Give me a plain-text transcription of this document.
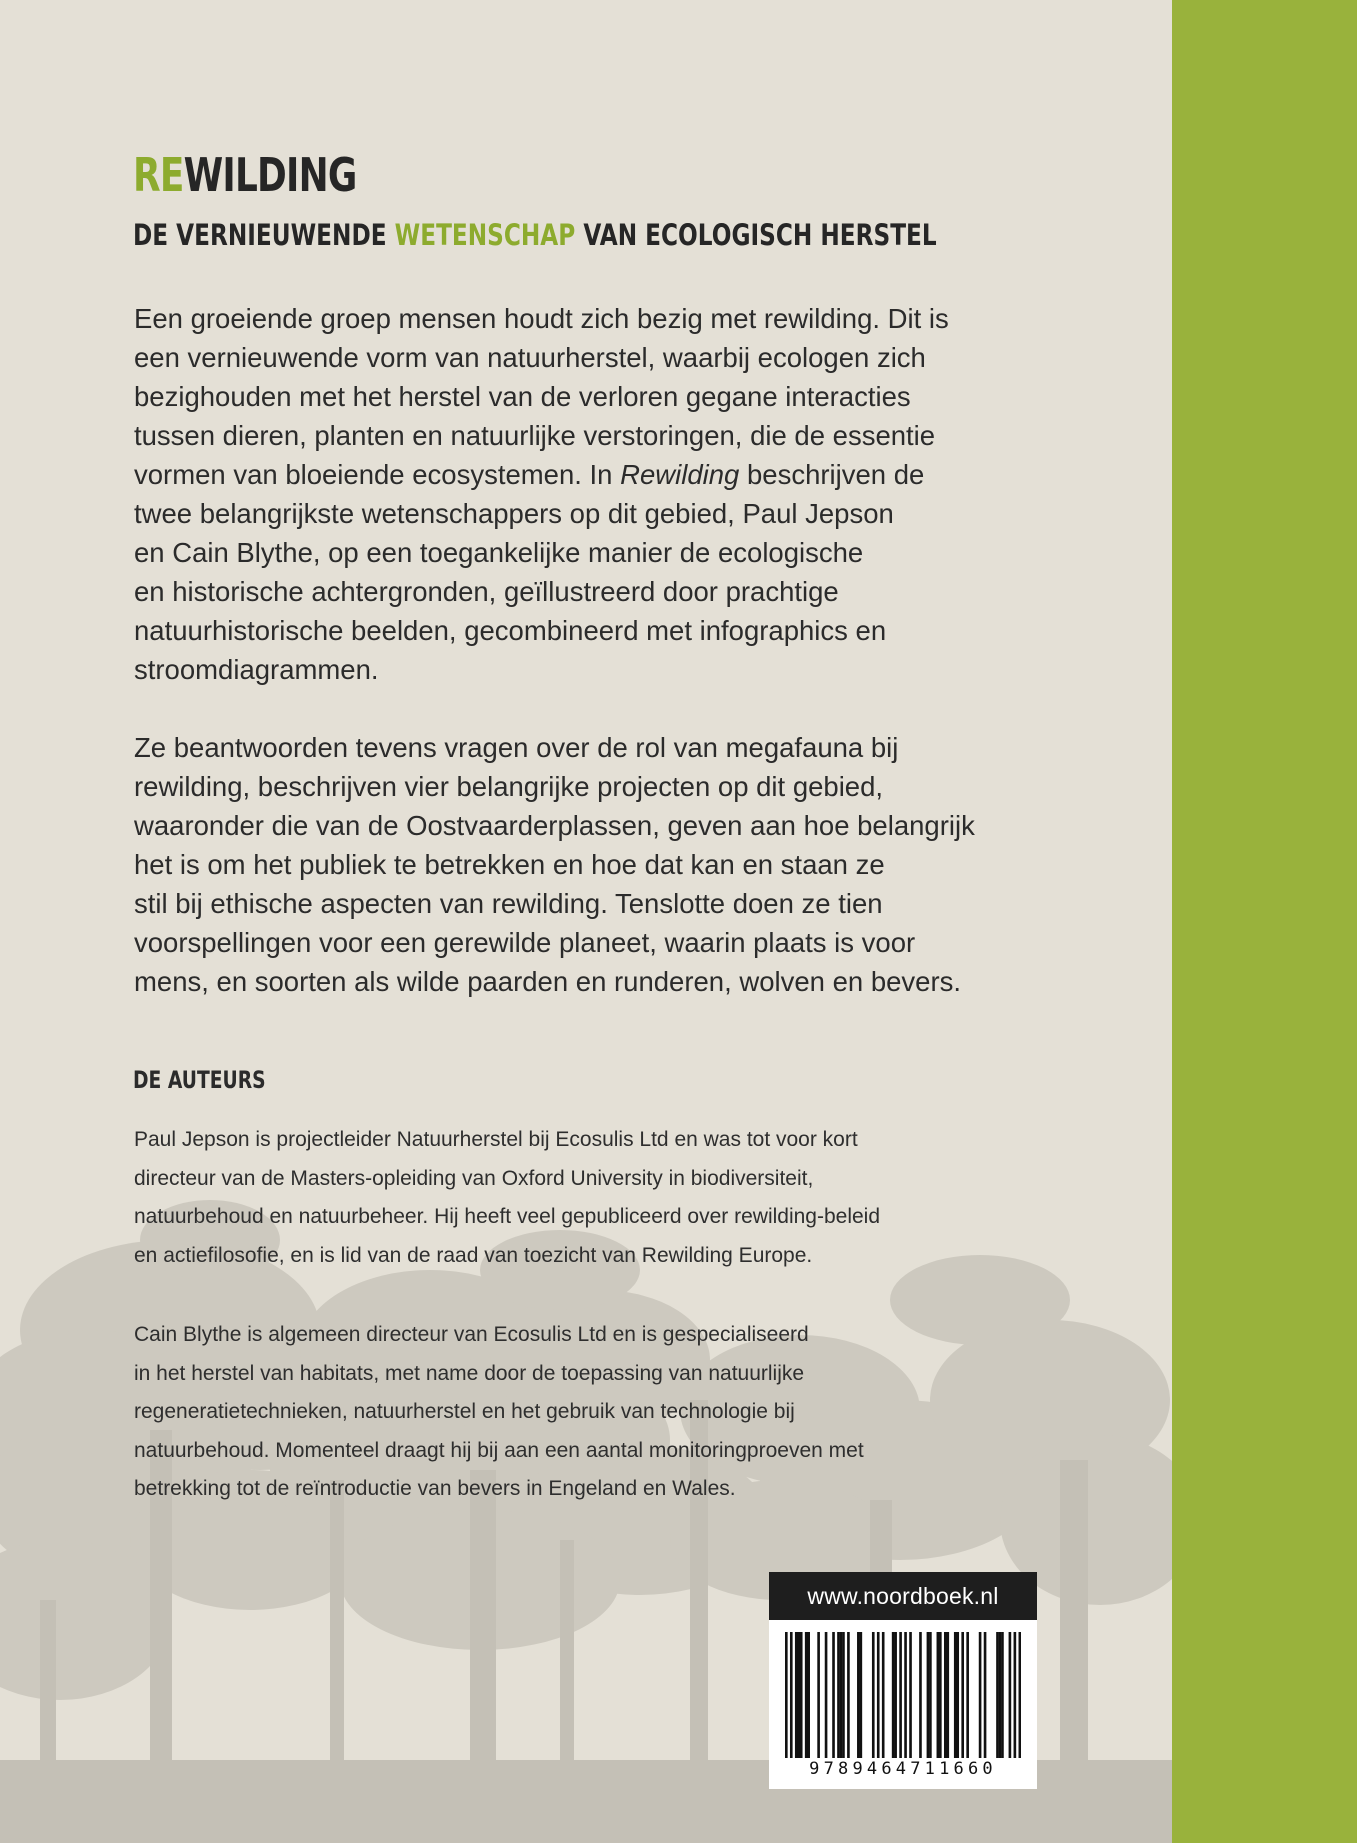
REWILDING
DE VERNIEUWENDE WETENSCHAP VAN ECOLOGISCH HERSTEL

Een groeiende groep mensen houdt zich bezig met rewilding. Dit is
een vernieuwende vorm van natuurherstel, waarbij ecologen zich
bezighouden met het herstel van de verloren gegane interacties
tussen dieren, planten en natuurlijke verstoringen, die de essentie
vormen van bloeiende ecosystemen. In Rewilding beschrijven de
twee belangrijkste wetenschappers op dit gebied, Paul Jepson
en Cain Blythe, op een toegankelijke manier de ecologische
en historische achtergronden, geïllustreerd door prachtige
natuurhistorische beelden, gecombineerd met infographics en
stroomdiagrammen.

Ze beantwoorden tevens vragen over de rol van megafauna bij
rewilding, beschrijven vier belangrijke projecten op dit gebied,
waaronder die van de Oostvaarderplassen, geven aan hoe belangrijk
het is om het publiek te betrekken en hoe dat kan en staan ze
stil bij ethische aspecten van rewilding. Tenslotte doen ze tien
voorspellingen voor een gerewilde planeet, waarin plaats is voor
mens, en soorten als wilde paarden en runderen, wolven en bevers.

DE AUTEURS

Paul Jepson is projectleider Natuurherstel bij Ecosulis Ltd en was tot voor kort
directeur van de Masters-opleiding van Oxford University in biodiversiteit,
natuurbehoud en natuurbeheer. Hij heeft veel gepubliceerd over rewilding-beleid
en actiefilosofie, en is lid van de raad van toezicht van Rewilding Europe.

Cain Blythe is algemeen directeur van Ecosulis Ltd en is gespecialiseerd
in het herstel van habitats, met name door de toepassing van natuurlijke
regeneratietechnieken, natuurherstel en het gebruik van technologie bij
natuurbehoud. Momenteel draagt hij bij aan een aantal monitoringproeven met
betrekking tot de reïntroductie van bevers in Engeland en Wales.

www.noordboek.nl
9789464711660
